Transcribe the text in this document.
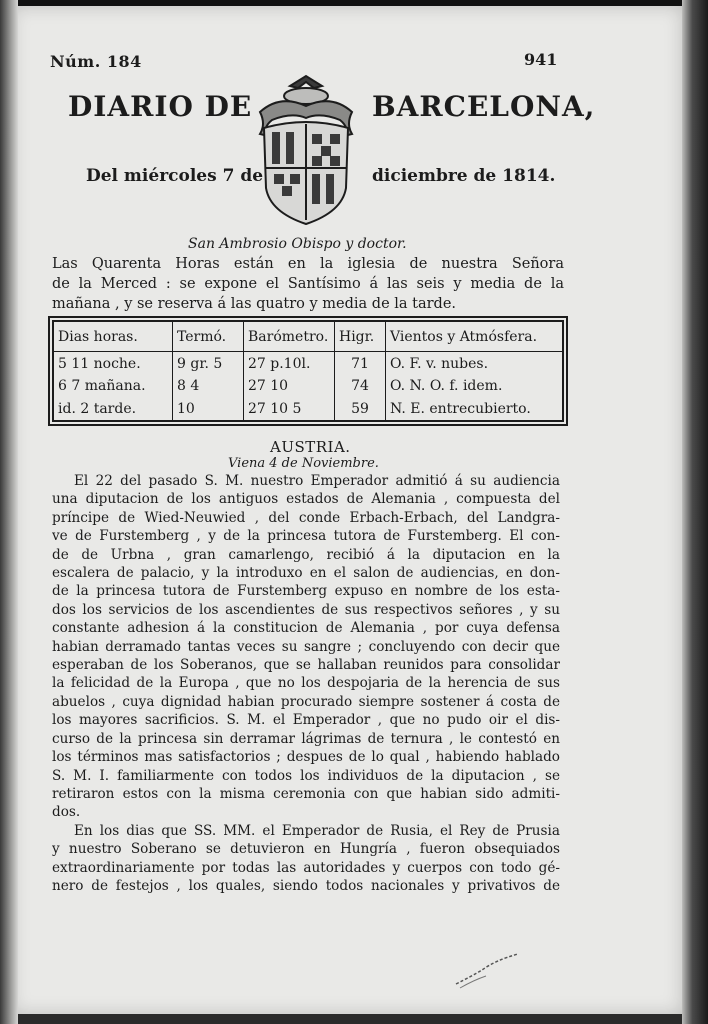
Núm. 184	941
DIARIO DE	BARCELONA,
Del miércoles 7 de	diciembre de 1814.
San Ambrosio Obispo y doctor.
Las Quarenta Horas están en la iglesia de nuestra Señora
de la Merced : se expone el Santísimo á las seis y media de la
mañana , y se reserva á las quatro y media de la tarde.
Dias horas.	Termó.	Barómetro.	Higr.	Vientos y Atmósfera.
5 11 noche.	9 gr. 5	27 p.10l.	71	O. F. v. nubes.
6 7 mañana.	8 4	27 10	74	O. N. O. f. idem.
id. 2 tarde.	10	27 10 5	59	N. E. entrecubierto.
AUSTRIA.
Viena 4 de Noviembre.
El 22 del pasado S. M. nuestro Emperador admitió á su audiencia
una diputacion de los antiguos estados de Alemania , compuesta del
príncipe de Wied-Neuwied , del conde Erbach-Erbach, del Landgra-
ve de Furstemberg , y de la princesa tutora de Furstemberg. El con-
de de Urbna , gran camarlengo, recibió á la diputacion en la
escalera de palacio, y la introduxo en el salon de audiencias, en don-
de la princesa tutora de Furstemberg expuso en nombre de los esta-
dos los servicios de los ascendientes de sus respectivos señores , y su
constante adhesion á la constitucion de Alemania , por cuya defensa
habian derramado tantas veces su sangre ; concluyendo con decir que
esperaban de los Soberanos, que se hallaban reunidos para consolidar
la felicidad de la Europa , que no los despojaria de la herencia de sus
abuelos , cuya dignidad habian procurado siempre sostener á costa de
los mayores sacrificios. S. M. el Emperador , que no pudo oir el dis-
curso de la princesa sin derramar lágrimas de ternura , le contestó en
los términos mas satisfactorios ; despues de lo qual , habiendo hablado
S. M. I. familiarmente con todos los individuos de la diputacion , se
retiraron estos con la misma ceremonia con que habian sido admiti-
dos.
En los dias que SS. MM. el Emperador de Rusia, el Rey de Prusia
y nuestro Soberano se detuvieron en Hungría , fueron obsequiados
extraordinariamente por todas las autoridades y cuerpos con todo gé-
nero de festejos , los quales, siendo todos nacionales y privativos de
